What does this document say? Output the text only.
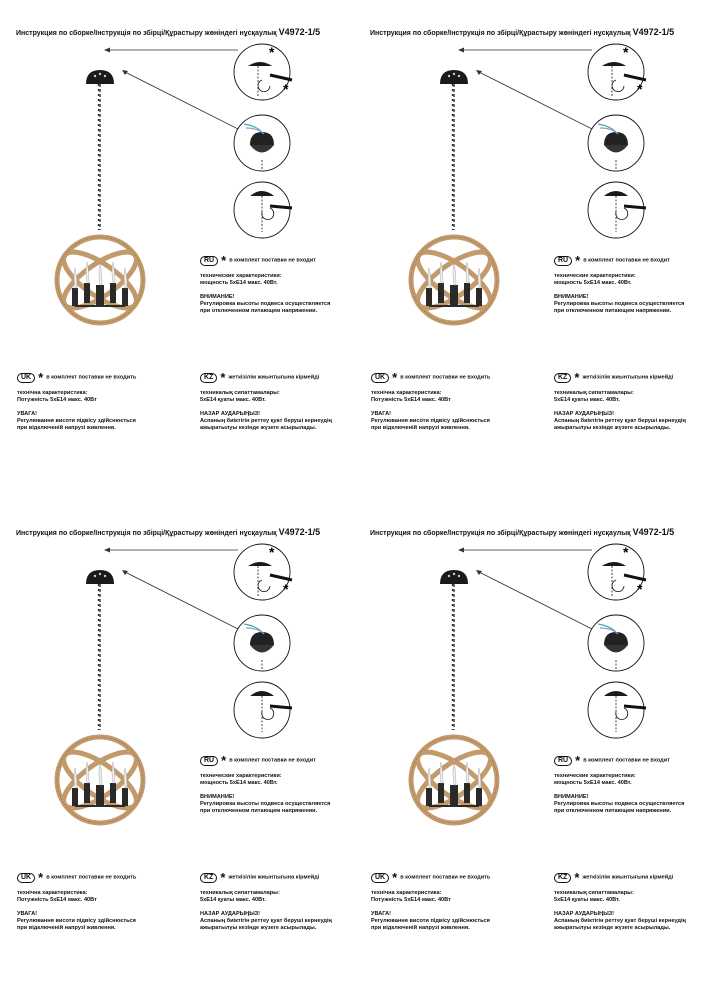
Инструкция по сборке/Інструкція по збірці/Құрастыру жөніндегі нұсқаулық V4972-1/5
*
*
RU * в комплект поставки не входит
технические характеристики:
мощность 5xE14 макс. 40Вт.
ВНИМАНИЕ!
Регулировка высоты подвеса осуществляется
при отключенном питающем напряжении.
UK * в комплект поставки не входить
технічна характеристика:
Потужність 5xE14 макс. 40Вт
УВАГА!
Регулювання висоти підвісу здійснюється
при відключеній напрузі живлення.
KZ * жеткізілім жиынтығына кірмейді
техникалық сипаттамалары:
5xE14 қуаты макс. 40Вт.
НАЗАР АУДАРЫҢЫЗ!
Аспаның биіктігін реттеу қуат беруші кернеудің
ажыратылуы кезінде жүзеге асырылады.
Инструкция по сборке/Інструкція по збірці/Құрастыру жөніндегі нұсқаулық V4972-1/5
*
*
RU * в комплект поставки не входит
технические характеристики:
мощность 5xE14 макс. 40Вт.
ВНИМАНИЕ!
Регулировка высоты подвеса осуществляется
при отключенном питающем напряжении.
UK * в комплект поставки не входить
технічна характеристика:
Потужність 5xE14 макс. 40Вт
УВАГА!
Регулювання висоти підвісу здійснюється
при відключеній напрузі живлення.
KZ * жеткізілім жиынтығына кірмейді
техникалық сипаттамалары:
5xE14 қуаты макс. 40Вт.
НАЗАР АУДАРЫҢЫЗ!
Аспаның биіктігін реттеу қуат беруші кернеудің
ажыратылуы кезінде жүзеге асырылады.
Инструкция по сборке/Інструкція по збірці/Құрастыру жөніндегі нұсқаулық V4972-1/5
*
*
RU * в комплект поставки не входит
технические характеристики:
мощность 5xE14 макс. 40Вт.
ВНИМАНИЕ!
Регулировка высоты подвеса осуществляется
при отключенном питающем напряжении.
UK * в комплект поставки не входить
технічна характеристика:
Потужність 5xE14 макс. 40Вт
УВАГА!
Регулювання висоти підвісу здійснюється
при відключеній напрузі живлення.
KZ * жеткізілім жиынтығына кірмейді
техникалық сипаттамалары:
5xE14 қуаты макс. 40Вт.
НАЗАР АУДАРЫҢЫЗ!
Аспаның биіктігін реттеу қуат беруші кернеудің
ажыратылуы кезінде жүзеге асырылады.
Инструкция по сборке/Інструкція по збірці/Құрастыру жөніндегі нұсқаулық V4972-1/5
*
*
RU * в комплект поставки не входит
технические характеристики:
мощность 5xE14 макс. 40Вт.
ВНИМАНИЕ!
Регулировка высоты подвеса осуществляется
при отключенном питающем напряжении.
UK * в комплект поставки не входить
технічна характеристика:
Потужність 5xE14 макс. 40Вт
УВАГА!
Регулювання висоти підвісу здійснюється
при відключеній напрузі живлення.
KZ * жеткізілім жиынтығына кірмейді
техникалық сипаттамалары:
5xE14 қуаты макс. 40Вт.
НАЗАР АУДАРЫҢЫЗ!
Аспаның биіктігін реттеу қуат беруші кернеудің
ажыратылуы кезінде жүзеге асырылады.
